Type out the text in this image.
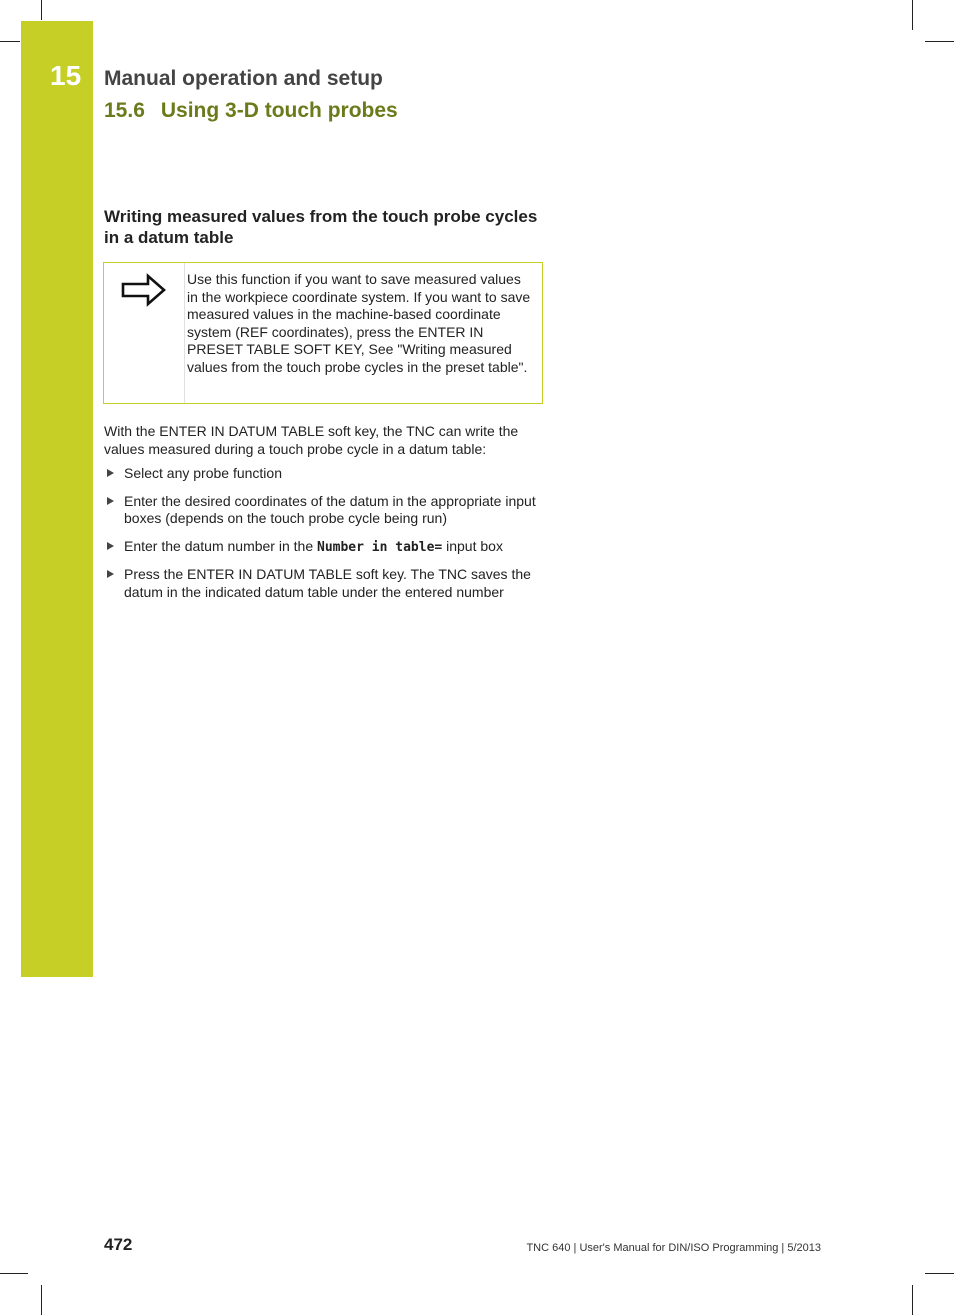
15 Manual operation and setup
15.6 Using 3-D touch probes
Writing measured values from the touch probe cycles in a datum table
Use this function if you want to save measured values in the workpiece coordinate system. If you want to save measured values in the machine-based coordinate system (REF coordinates), press the ENTER IN PRESET TABLE SOFT KEY, See "Writing measured values from the touch probe cycles in the preset table".
With the ENTER IN DATUM TABLE soft key, the TNC can write the values measured during a touch probe cycle in a datum table:
Select any probe function
Enter the desired coordinates of the datum in the appropriate input boxes (depends on the touch probe cycle being run)
Enter the datum number in the Number in table= input box
Press the ENTER IN DATUM TABLE soft key. The TNC saves the datum in the indicated datum table under the entered number
472	TNC 640 | User's Manual for DIN/ISO Programming | 5/2013
